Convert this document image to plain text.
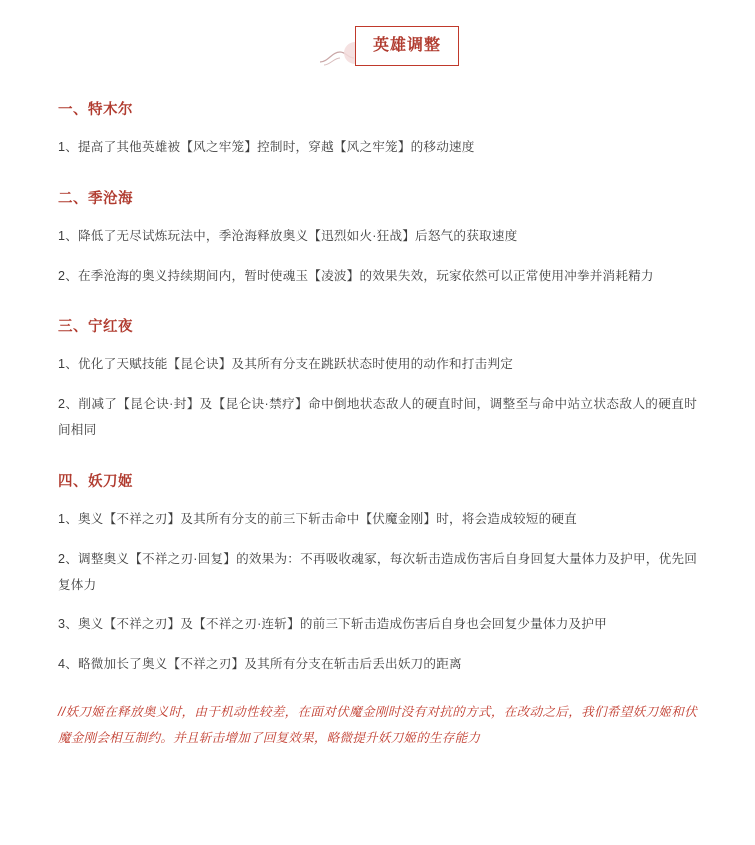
英雄调整
一、特木尔

1、提高了其他英雄被【风之牢笼】控制时，穿越【风之牢笼】的移动速度

二、季沧海

1、降低了无尽试炼玩法中，季沧海释放奥义【迅烈如火·狂战】后怒气的获取速度

2、在季沧海的奥义持续期间内，暂时使魂玉【凌波】的效果失效，玩家依然可以正常使用冲拳并消耗精力

三、宁红夜

1、优化了天赋技能【昆仑诀】及其所有分支在跳跃状态时使用的动作和打击判定

2、削减了【昆仑诀·封】及【昆仑诀·禁疗】命中倒地状态敌人的硬直时间，调整至与命中站立状态敌人的硬直时间相同

四、妖刀姬

1、奥义【不祥之刃】及其所有分支的前三下斩击命中【伏魔金刚】时，将会造成较短的硬直

2、调整奥义【不祥之刃·回复】的效果为：不再吸收魂冢，每次斩击造成伤害后自身回复大量体力及护甲，优先回复体力

3、奥义【不祥之刃】及【不祥之刃·连斩】的前三下斩击造成伤害后自身也会回复少量体力及护甲

4、略微加长了奥义【不祥之刃】及其所有分支在斩击后丢出妖刀的距离

//妖刀姬在释放奥义时，由于机动性较差，在面对伏魔金刚时没有对抗的方式，在改动之后，我们希望妖刀姬和伏魔金刚会相互制约。并且斩击增加了回复效果，略微提升妖刀姬的生存能力
